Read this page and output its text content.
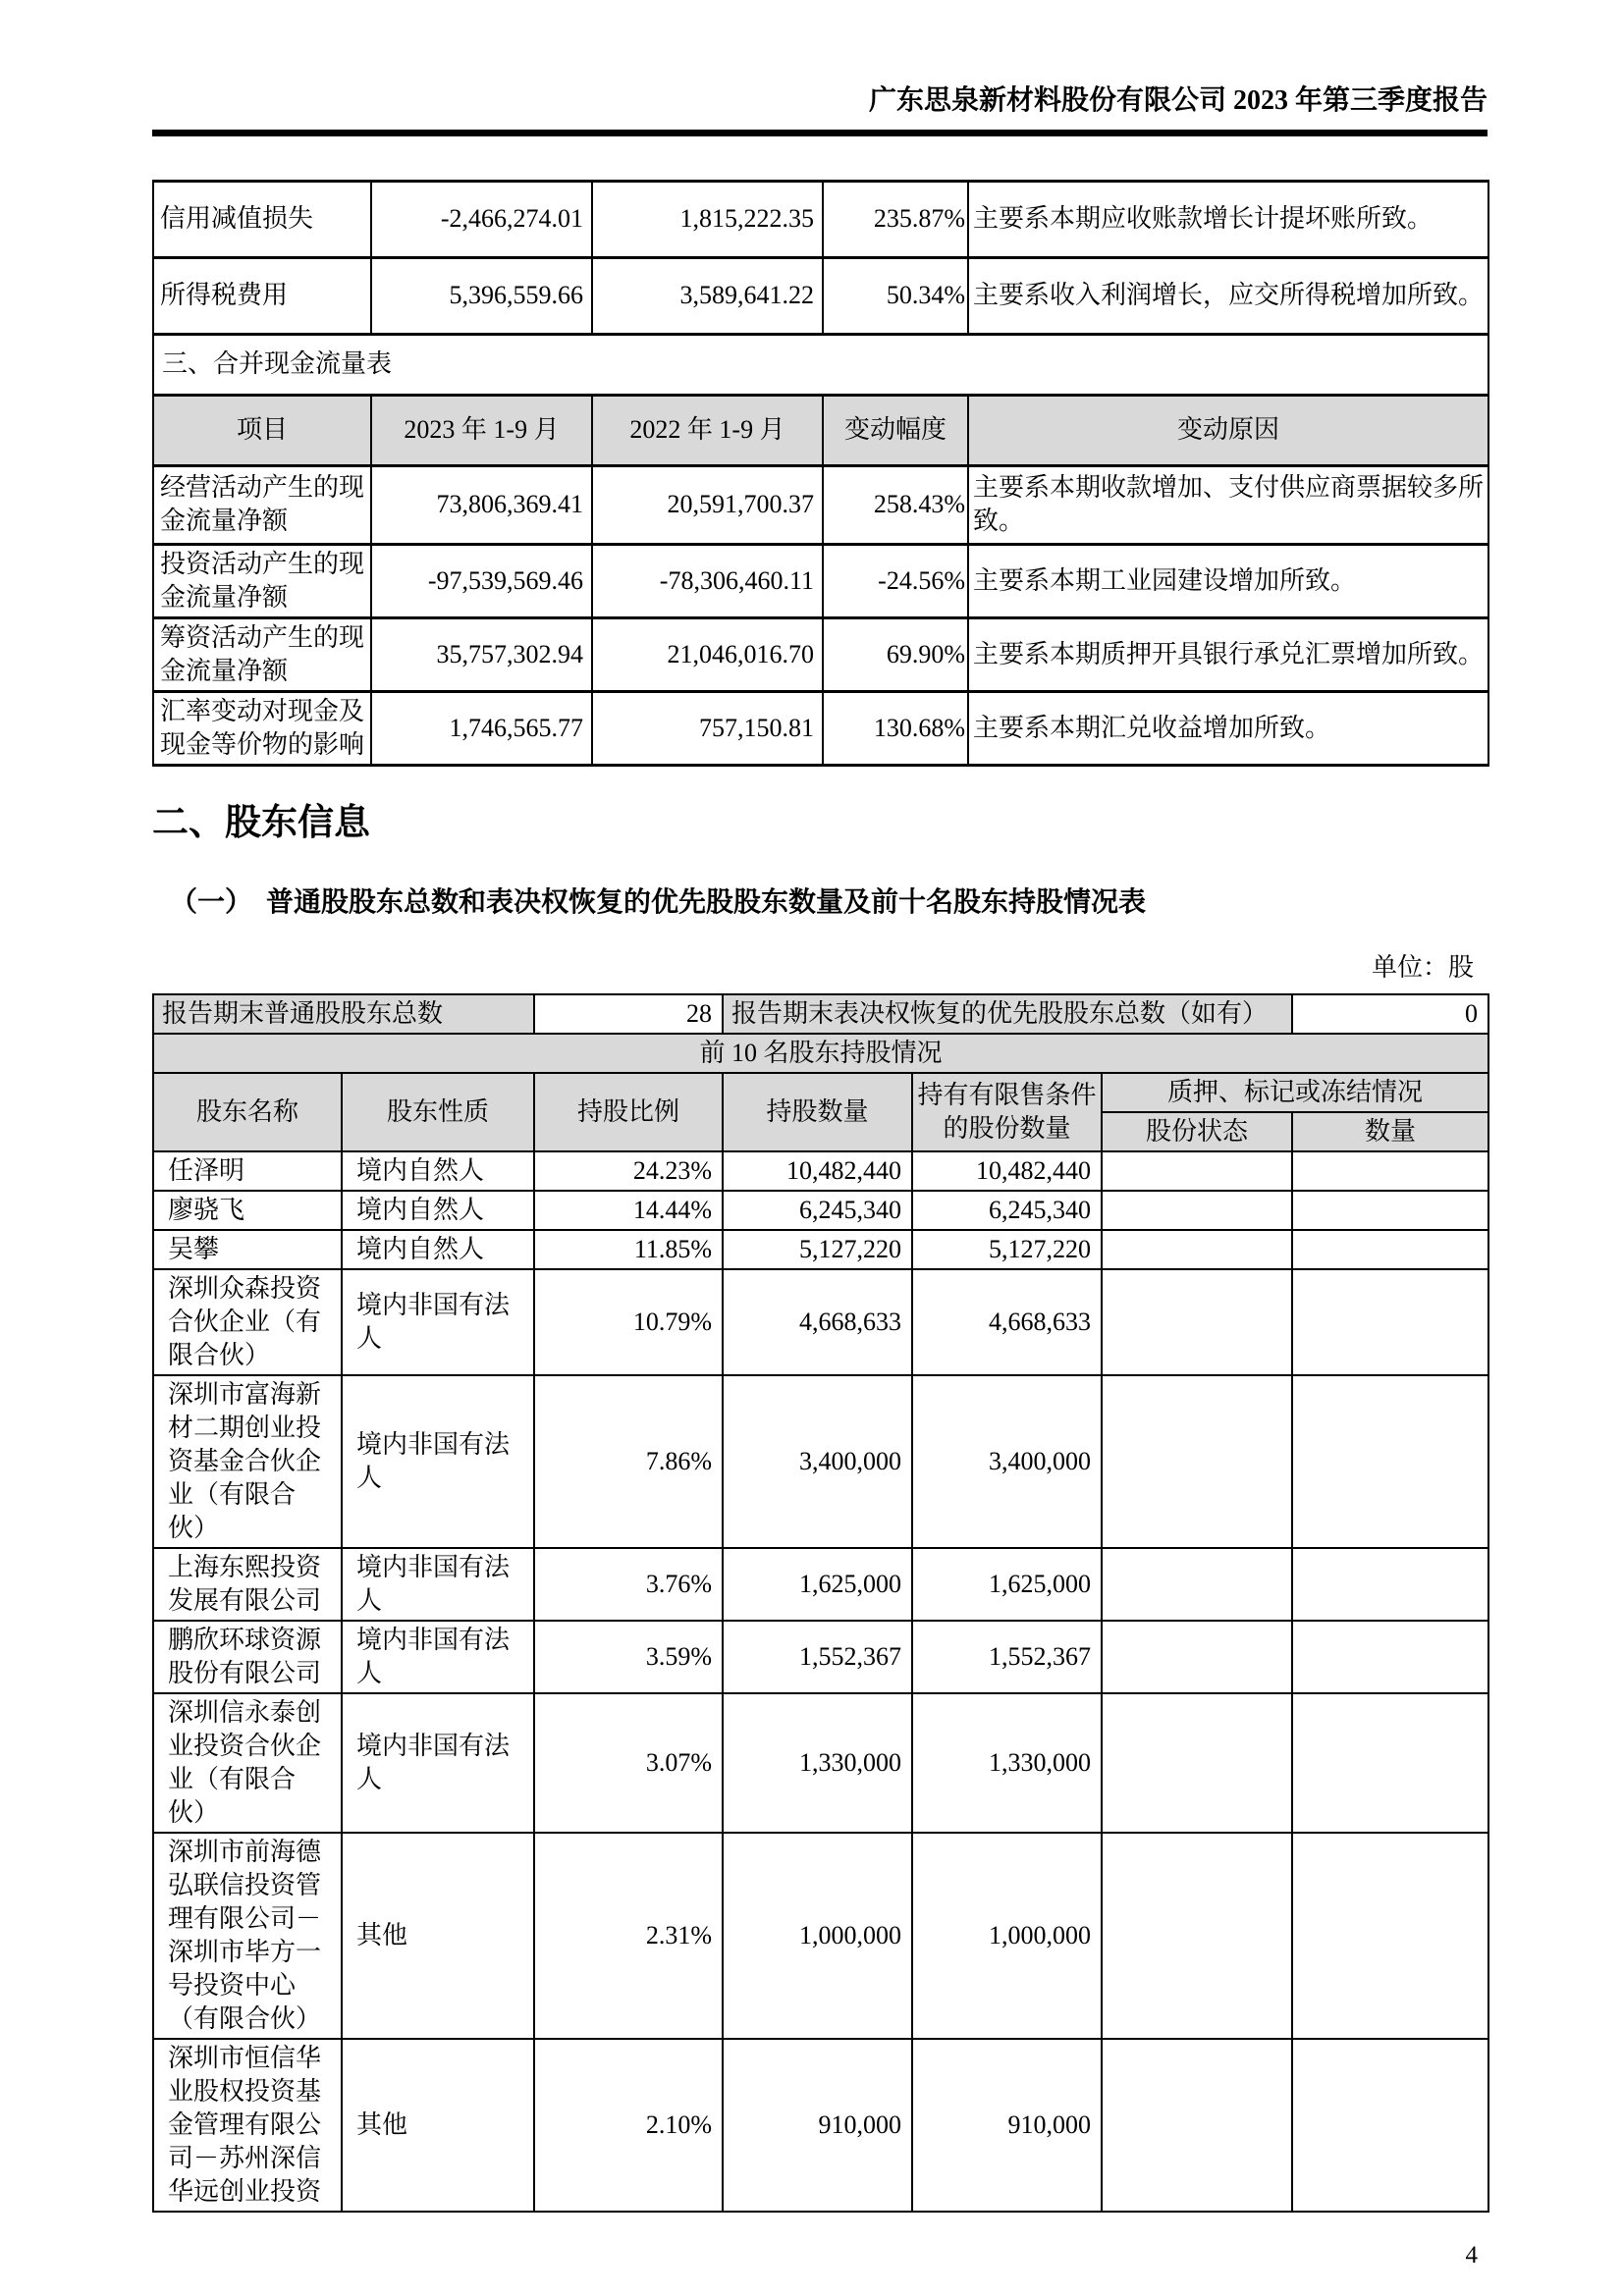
广东思泉新材料股份有限公司 2023 年第三季度报告
信用减值损失	-2,466,274.01	1,815,222.35	235.87%	主要系本期应收账款增长计提坏账所致。
所得税费用	5,396,559.66	3,589,641.22	50.34%	主要系收入利润增长，应交所得税增加所致。
三、合并现金流量表				
项目	2023 年 1-9 月	2022 年 1-9 月	变动幅度	变动原因
经营活动产生的现金流量净额	73,806,369.41	20,591,700.37	258.43%	主要系本期收款增加、支付供应商票据较多所致。
投资活动产生的现金流量净额	-97,539,569.46	-78,306,460.11	-24.56%	主要系本期工业园建设增加所致。
筹资活动产生的现金流量净额	35,757,302.94	21,046,016.70	69.90%	主要系本期质押开具银行承兑汇票增加所致。
汇率变动对现金及现金等价物的影响	1,746,565.77	757,150.81	130.68%	主要系本期汇兑收益增加所致。
二、股东信息
（一）　普通股股东总数和表决权恢复的优先股股东数量及前十名股东持股情况表
单位：股
报告期末普通股股东总数		28	报告期末表决权恢复的优先股股东总数（如有）			0
前 10 名股东持股情况						
股东名称	股东性质	持股比例	持股数量	持有有限售条件的股份数量	质押、标记或冻结情况	
					股份状态	数量
任泽明	境内自然人	24.23%	10,482,440	10,482,440		
廖骁飞	境内自然人	14.44%	6,245,340	6,245,340		
吴攀	境内自然人	11.85%	5,127,220	5,127,220		
深圳众森投资合伙企业（有限合伙）	境内非国有法人	10.79%	4,668,633	4,668,633		
深圳市富海新材二期创业投资基金合伙企业（有限合伙）	境内非国有法人	7.86%	3,400,000	3,400,000		
上海东熙投资发展有限公司	境内非国有法人	3.76%	1,625,000	1,625,000		
鹏欣环球资源股份有限公司	境内非国有法人	3.59%	1,552,367	1,552,367		
深圳信永泰创业投资合伙企业（有限合伙）	境内非国有法人	3.07%	1,330,000	1,330,000		
深圳市前海德弘联信投资管理有限公司－深圳市毕方一号投资中心（有限合伙）	其他	2.31%	1,000,000	1,000,000		
深圳市恒信华业股权投资基金管理有限公司－苏州深信华远创业投资	其他	2.10%	910,000	910,000		
4
